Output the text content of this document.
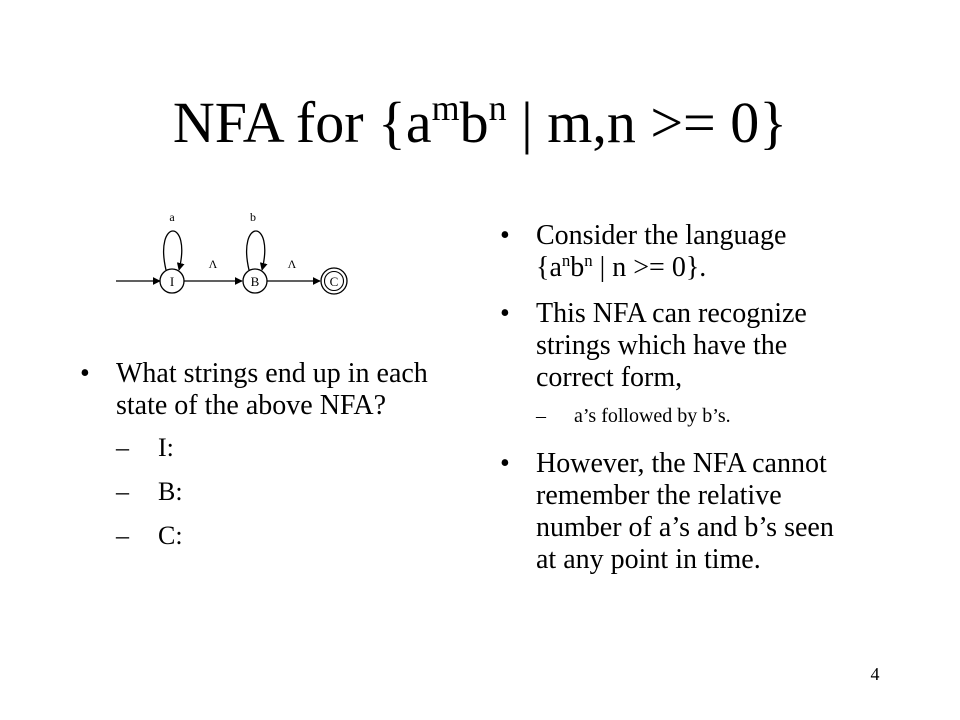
NFA for {$a^mb^n$ | m,n >= 0}
I	B	C
a	b
Λ	Λ
• What strings end up in each state of the above NFA?
– I:
– B:
– C:
• Consider the language {$a^nb^n$ | n >= 0}.
• This NFA can recognize strings which have the correct form,
– a’s followed by b’s.
• However, the NFA cannot remember the relative number of a’s and b’s seen at any point in time.
4
